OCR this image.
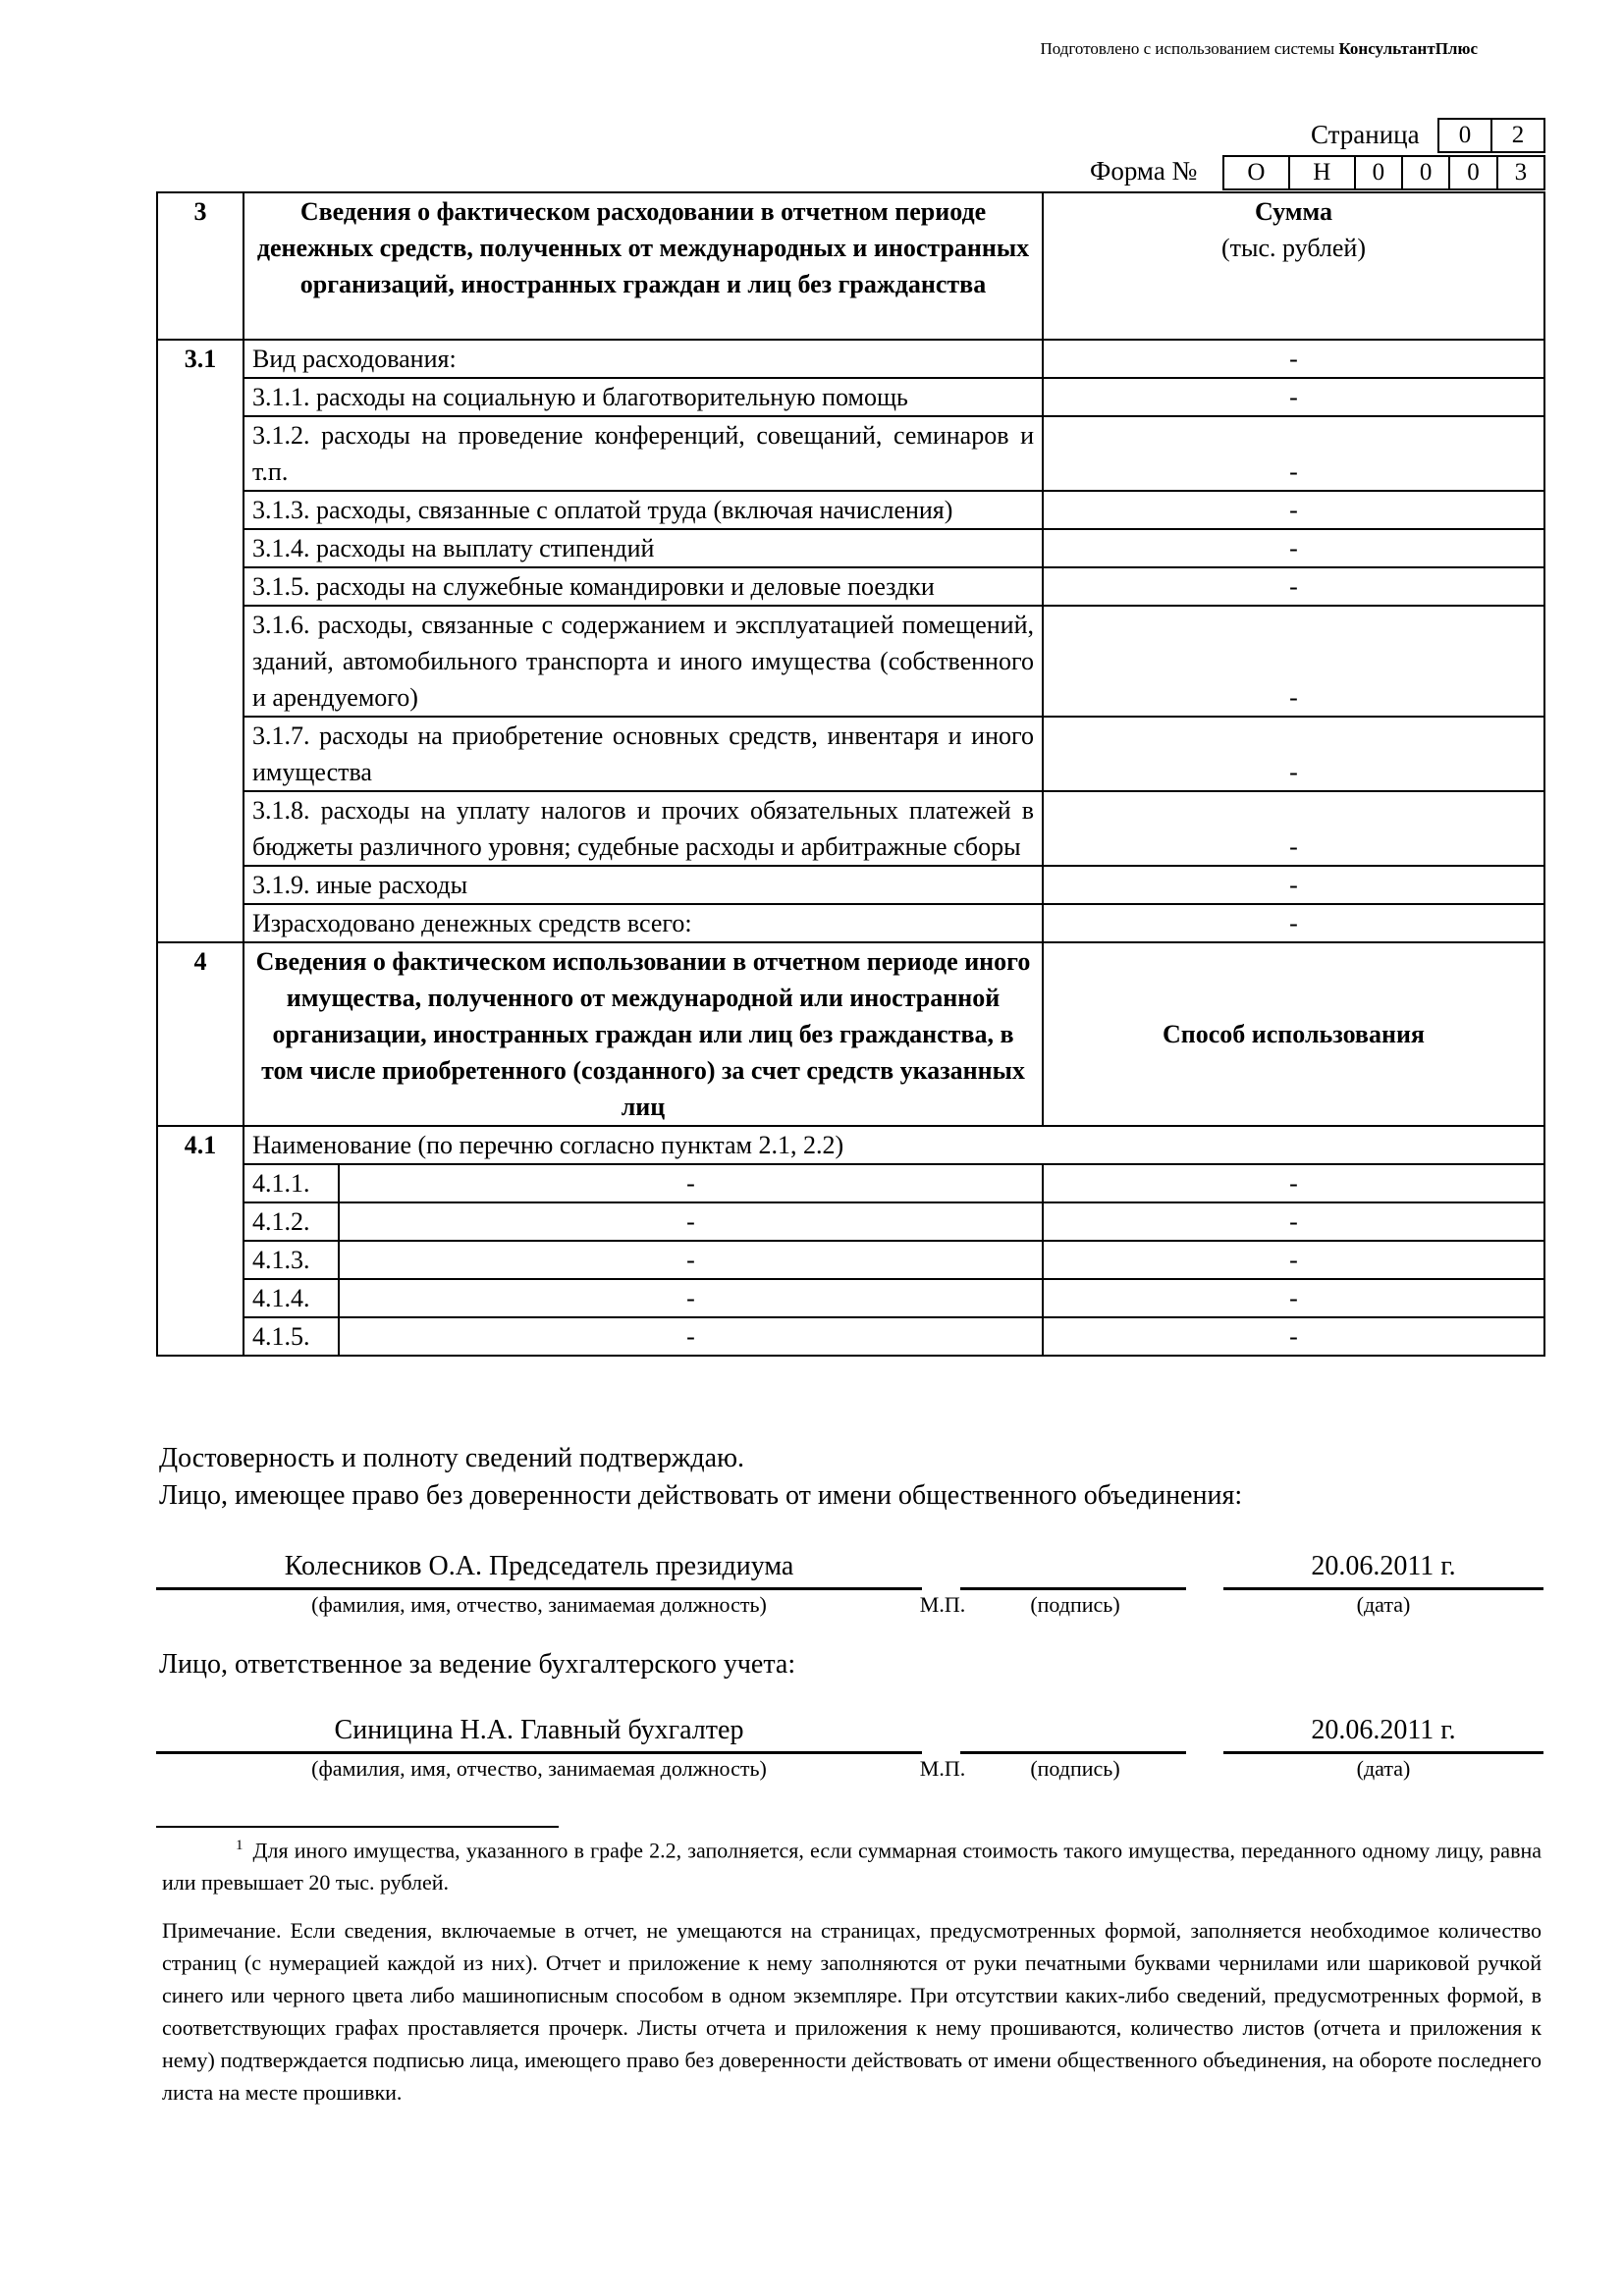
Подготовлено с использованием системы КонсультантПлюс
Страница 0	2
Форма № О	Н	0	0	0	3
3	Сведения о фактическом расходовании в отчетном периоде денежных средств, полученных от международных и иностранных организаций, иностранных граждан и лиц без гражданства		Сумма
(тыс. рублей)

3.1	Вид расходования:		-
	3.1.1. расходы на социальную и благотворительную помощь		-
	3.1.2. расходы на проведение конференций, совещаний, семинаров и т.п.		-
	3.1.3. расходы, связанные с оплатой труда (включая начисления)		-
	3.1.4. расходы на выплату стипендий		-
	3.1.5. расходы на служебные командировки и деловые поездки		-
	3.1.6. расходы, связанные с содержанием и эксплуатацией помещений, зданий, автомобильного транспорта и иного имущества (собственного и арендуемого)		-
	3.1.7. расходы на приобретение основных средств, инвентаря и иного имущества		-
	3.1.8. расходы на уплату налогов и прочих обязательных платежей в бюджеты различного уровня; судебные расходы и арбитражные сборы		-
	3.1.9. иные расходы		-
	Израсходовано денежных средств всего:		-
4	Сведения о фактическом использовании в отчетном периоде иного имущества, полученного от международной или иностранной организации, иностранных граждан или лиц без гражданства, в том числе приобретенного (созданного) за счет средств указанных лиц		Способ использования
4.1	Наименование (по перечню согласно пунктам 2.1, 2.2)		
	4.1.1.	-	-
	4.1.2.	-	-
	4.1.3.	-	-
	4.1.4.	-	-
	4.1.5.	-	-
Достоверность и полноту сведений подтверждаю.
Лицо, имеющее право без доверенности действовать от имени общественного объединения:
Колесников О.А. Председатель президиума	20.06.2011 г.
(фамилия, имя, отчество, занимаемая должность)	М.П.	(подпись)	(дата)
Лицо, ответственное за ведение бухгалтерского учета:
Синицина Н.А. Главный бухгалтер	20.06.2011 г.
(фамилия, имя, отчество, занимаемая должность)	М.П.	(подпись)	(дата)
$^1$ Для иного имущества, указанного в графе 2.2, заполняется, если суммарная стоимость такого имущества, переданного одному лицу, равна или превышает 20 тыс. рублей.
Примечание. Если сведения, включаемые в отчет, не умещаются на страницах, предусмотренных формой, заполняется необходимое количество страниц (с нумерацией каждой из них). Отчет и приложение к нему заполняются от руки печатными буквами чернилами или шариковой ручкой синего или черного цвета либо машинописным способом в одном экземпляре. При отсутствии каких-либо сведений, предусмотренных формой, в соответствующих графах проставляется прочерк. Листы отчета и приложения к нему прошиваются, количество листов (отчета и приложения к нему) подтверждается подписью лица, имеющего право без доверенности действовать от имени общественного объединения, на обороте последнего листа на месте прошивки.
